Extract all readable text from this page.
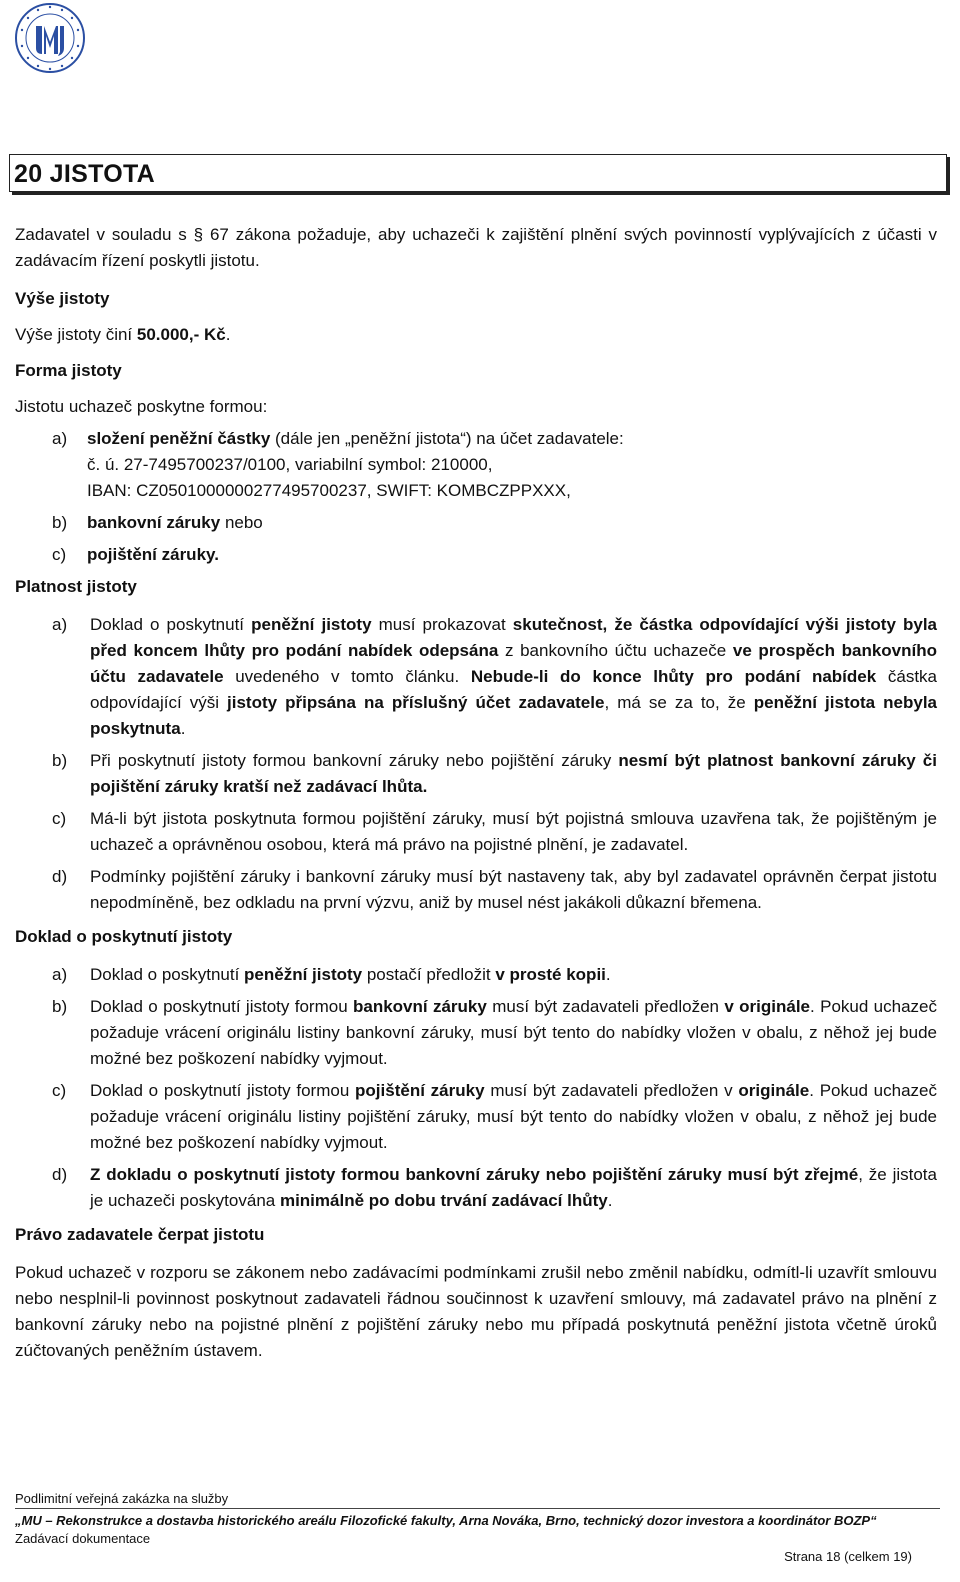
20 JISTOTA

Zadavatel v souladu s § 67 zákona požaduje, aby uchazeči k zajištění plnění svých povinností vyplývajících z účasti v zadávacím řízení poskytli jistotu.

Výše jistoty

Výše jistoty činí 50.000,- Kč.

Forma jistoty

Jistotu uchazeč poskytne formou:

a)	složení peněžní částky (dále jen „peněžní jistota“) na účet zadavatele:
č. ú. 27-7495700237/0100, variabilní symbol: 210000,
IBAN: CZ0501000000277495700237, SWIFT: KOMBCZPPXXX,
b)	bankovní záruky nebo
c)	pojištění záruky.

Platnost jistoty

a)	Doklad o poskytnutí peněžní jistoty musí prokazovat skutečnost, že částka odpovídající výši jistoty byla před koncem lhůty pro podání nabídek odepsána z bankovního účtu uchazeče ve prospěch bankovního účtu zadavatele uvedeného v tomto článku. Nebude-li do konce lhůty pro podání nabídek částka odpovídající výši jistoty připsána na příslušný účet zadavatele, má se za to, že peněžní jistota nebyla poskytnuta.
b)	Při poskytnutí jistoty formou bankovní záruky nebo pojištění záruky nesmí být platnost bankovní záruky či pojištění záruky kratší než zadávací lhůta.
c)	Má-li být jistota poskytnuta formou pojištění záruky, musí být pojistná smlouva uzavřena tak, že pojištěným je uchazeč a oprávněnou osobou, která má právo na pojistné plnění, je zadavatel.
d)	Podmínky pojištění záruky i bankovní záruky musí být nastaveny tak, aby byl zadavatel oprávněn čerpat jistotu nepodmíněně, bez odkladu na první výzvu, aniž by musel nést jakákoli důkazní břemena.

Doklad o poskytnutí jistoty

a)	Doklad o poskytnutí peněžní jistoty postačí předložit v prosté kopii.
b)	Doklad o poskytnutí jistoty formou bankovní záruky musí být zadavateli předložen v originále. Pokud uchazeč požaduje vrácení originálu listiny bankovní záruky, musí být tento do nabídky vložen v obalu, z něhož jej bude možné bez poškození nabídky vyjmout.
c)	Doklad o poskytnutí jistoty formou pojištění záruky musí být zadavateli předložen v originále. Pokud uchazeč požaduje vrácení originálu listiny pojištění záruky, musí být tento do nabídky vložen v obalu, z něhož jej bude možné bez poškození nabídky vyjmout.
d)	Z dokladu o poskytnutí jistoty formou bankovní záruky nebo pojištění záruky musí být zřejmé, že jistota je uchazeči poskytována minimálně po dobu trvání zadávací lhůty.

Právo zadavatele čerpat jistotu

Pokud uchazeč v rozporu se zákonem nebo zadávacími podmínkami zrušil nebo změnil nabídku, odmítl-li uzavřít smlouvu nebo nesplnil-li povinnost poskytnout zadavateli řádnou součinnost k uzavření smlouvy, má zadavatel právo na plnění z bankovní záruky nebo na pojistné plnění z pojištění záruky nebo mu případá poskytnutá peněžní jistota včetně úroků zúčtovaných peněžním ústavem.

Podlimitní veřejná zakázka na služby
„MU – Rekonstrukce a dostavba historického areálu Filozofické fakulty, Arna Nováka, Brno, technický dozor investora a koordinátor BOZP“
Zadávací dokumentace
Strana 18 (celkem 19)
